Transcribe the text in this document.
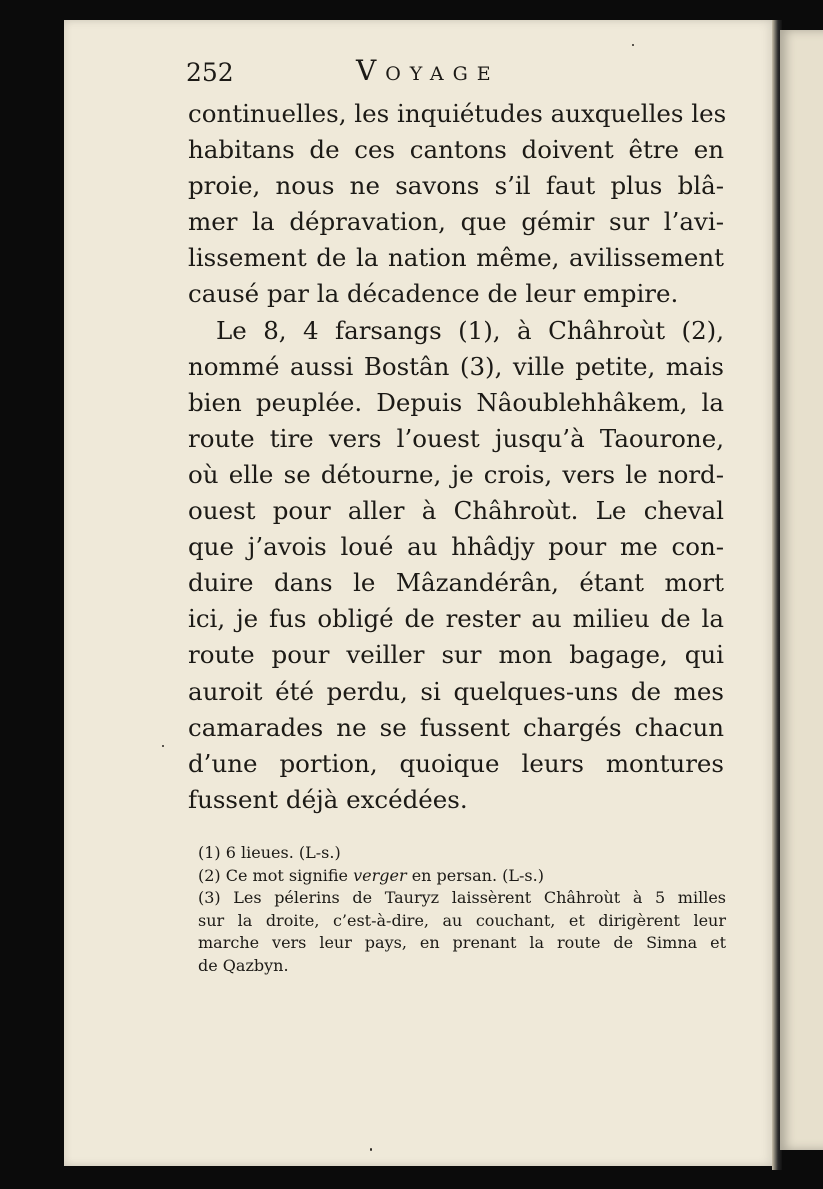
252	VOYAGE
continuelles, les inquiétudes auxquelles les
habitans de ces cantons doivent être en
proie, nous ne savons s’il faut plus blâ-
mer la dépravation, que gémir sur l’avi-
lissement de la nation même, avilissement
causé par la décadence de leur empire.
Le 8, 4 farsangs (1), à Châhroùt (2),
nommé aussi Bostân (3), ville petite, mais
bien peuplée. Depuis Nâoublehhâkem, la
route tire vers l’ouest jusqu’à Taourone,
où elle se détourne, je crois, vers le nord-
ouest pour aller à Châhroùt. Le cheval
que j’avois loué au hhâdjy pour me con-
duire dans le Mâzandérân, étant mort
ici, je fus obligé de rester au milieu de la
route pour veiller sur mon bagage, qui
auroit été perdu, si quelques-uns de mes
camarades ne se fussent chargés chacun
d’une portion, quoique leurs montures
fussent déjà excédées.
(1) 6 lieues. (L-s.)
(2) Ce mot signifie verger en persan. (L-s.)
(3) Les pélerins de Tauryz laissèrent Châhroùt à 5 milles
sur la droite, c’est-à-dire, au couchant, et dirigèrent leur
marche vers leur pays, en prenant la route de Simna et
de Qazbyn.
